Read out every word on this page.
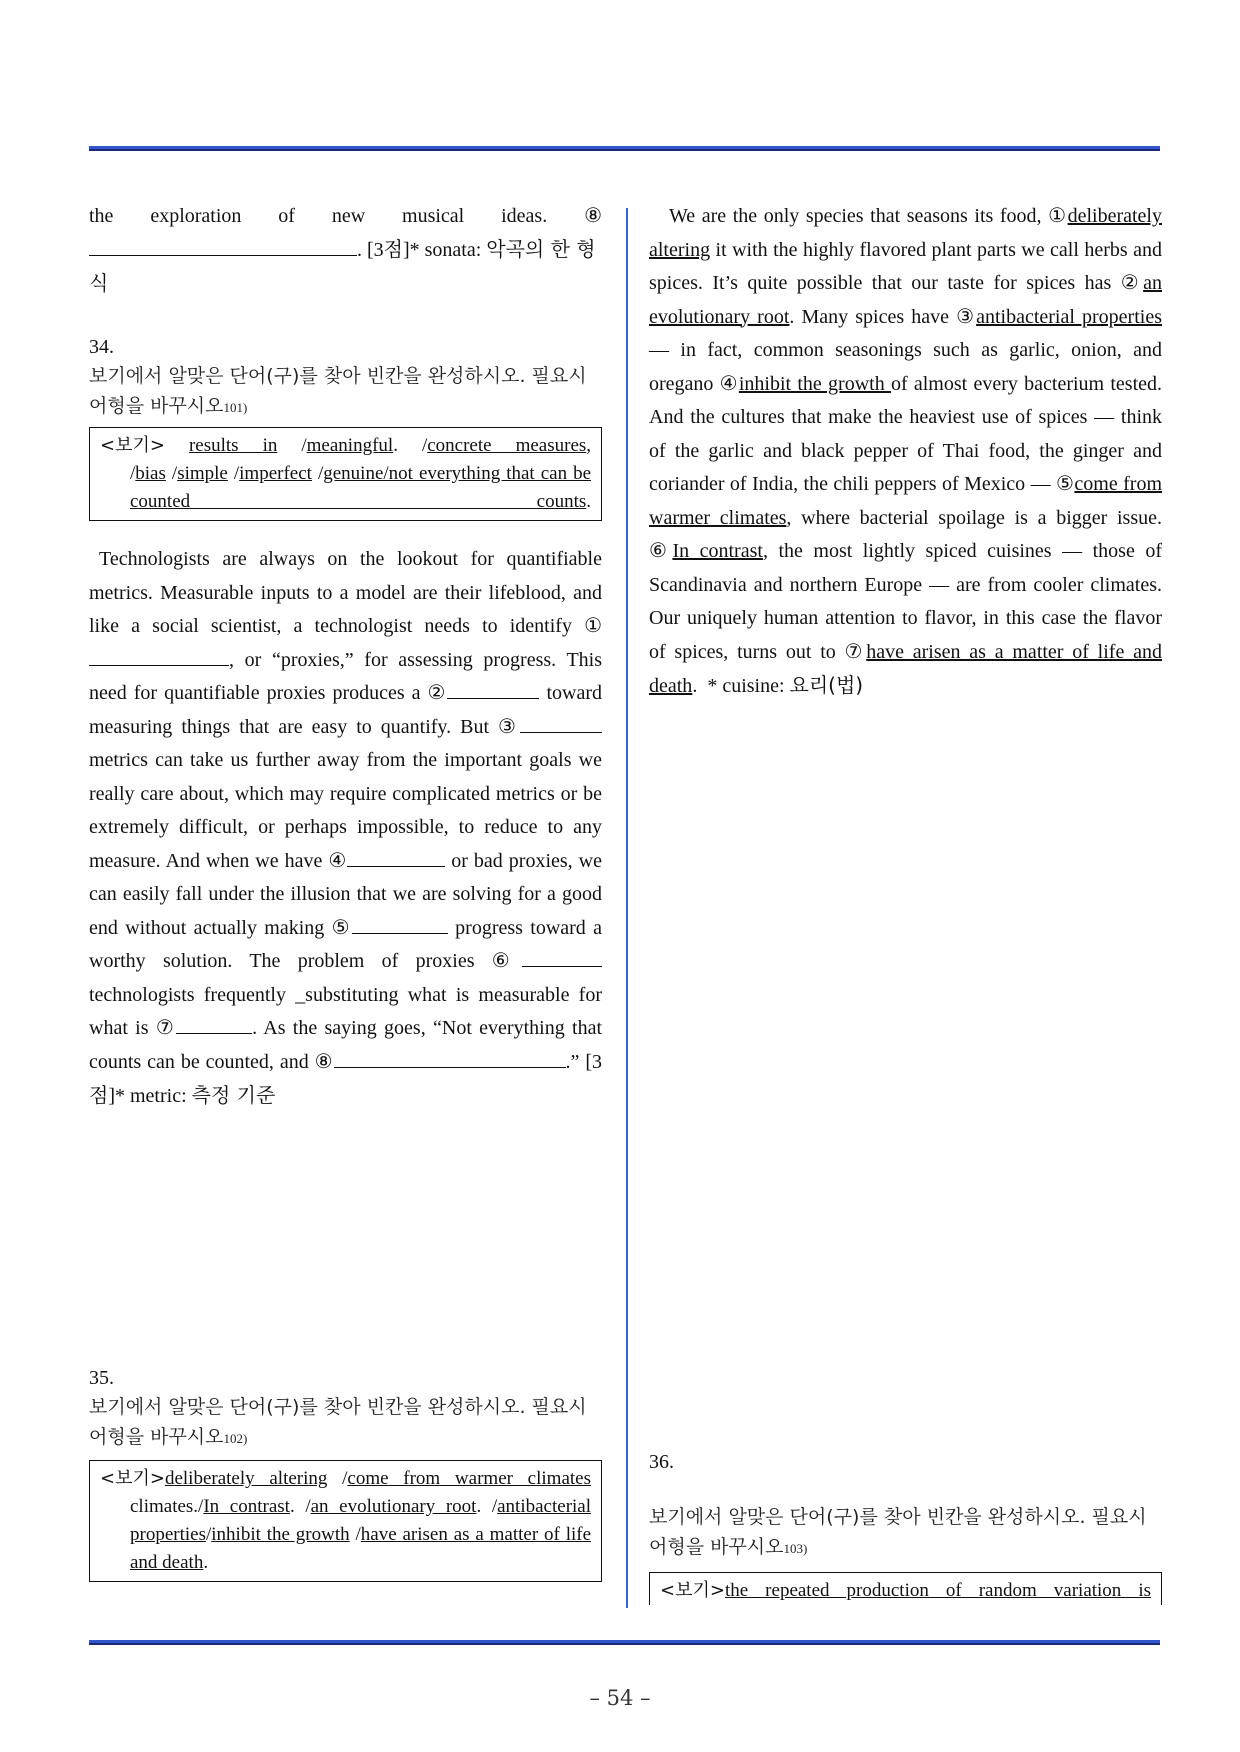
the exploration of new musical ideas. ⑧
. [3점]* sonata: 악곡의 한 형식

34.

보기에서 알맞은 단어(구)를 찾아 빈칸을 완성하시오. 필요시 어형을 바꾸시오101)

<보기> results in /meaningful. /concrete measures,
/bias /simple /imperfect /genuine/not everything that can be counted counts.

Technologists are always on the lookout for quantifiable metrics. Measurable inputs to a model are their lifeblood, and like a social scientist, a technologist needs to identify ①, or “proxies,” for assessing progress. This need for quantifiable proxies produces a ②	toward measuring things that are easy to quantify. But ③ metrics can take us further away from the important goals we really care about, which may require complicated metrics or be extremely difficult, or perhaps impossible, to reduce to any measure. And when we have ④	or bad proxies, we can easily fall under the illusion that we are solving for a good end without actually making ⑤	progress toward a worthy solution. The problem of proxies ⑥ technologists frequently _substituting what is measurable for what is ⑦	. As the saying goes, “Not everything that counts can be counted, and ⑧	.” [3점]* metric: 측정 기준

35.

보기에서 알맞은 단어(구)를 찾아 빈칸을 완성하시오. 필요시 어형을 바꾸시오102)

<보기>deliberately altering /come from warmer climates
climates./In contrast. /an evolutionary root. /antibacterial properties/inhibit the growth /have arisen as a matter of life and death.

We are the only species that seasons its food, ①deliberately altering it with the highly flavored plant parts we call herbs and spices. It’s quite possible that our taste for spices has ②an evolutionary root. Many spices have ③antibacterial properties — in fact, common seasonings such as garlic, onion, and oregano ④inhibit the growth of almost every bacterium tested. And the cultures that make the heaviest use of spices — think of the garlic and black pepper of Thai food, the ginger and coriander of India, the chili peppers of Mexico — ⑤come from warmer climates, where bacterial spoilage is a bigger issue. ⑥In contrast, the most lightly spiced cuisines — those of Scandinavia and northern Europe — are from cooler climates. Our uniquely human attention to flavor, in this case the flavor of spices, turns out to ⑦have arisen as a matter of life and death. * cuisine: 요리(법)

36.

보기에서 알맞은 단어(구)를 찾아 빈칸을 완성하시오. 필요시 어형을 바꾸시오103)

<보기>the repeated production of random variation is
– 54 –
